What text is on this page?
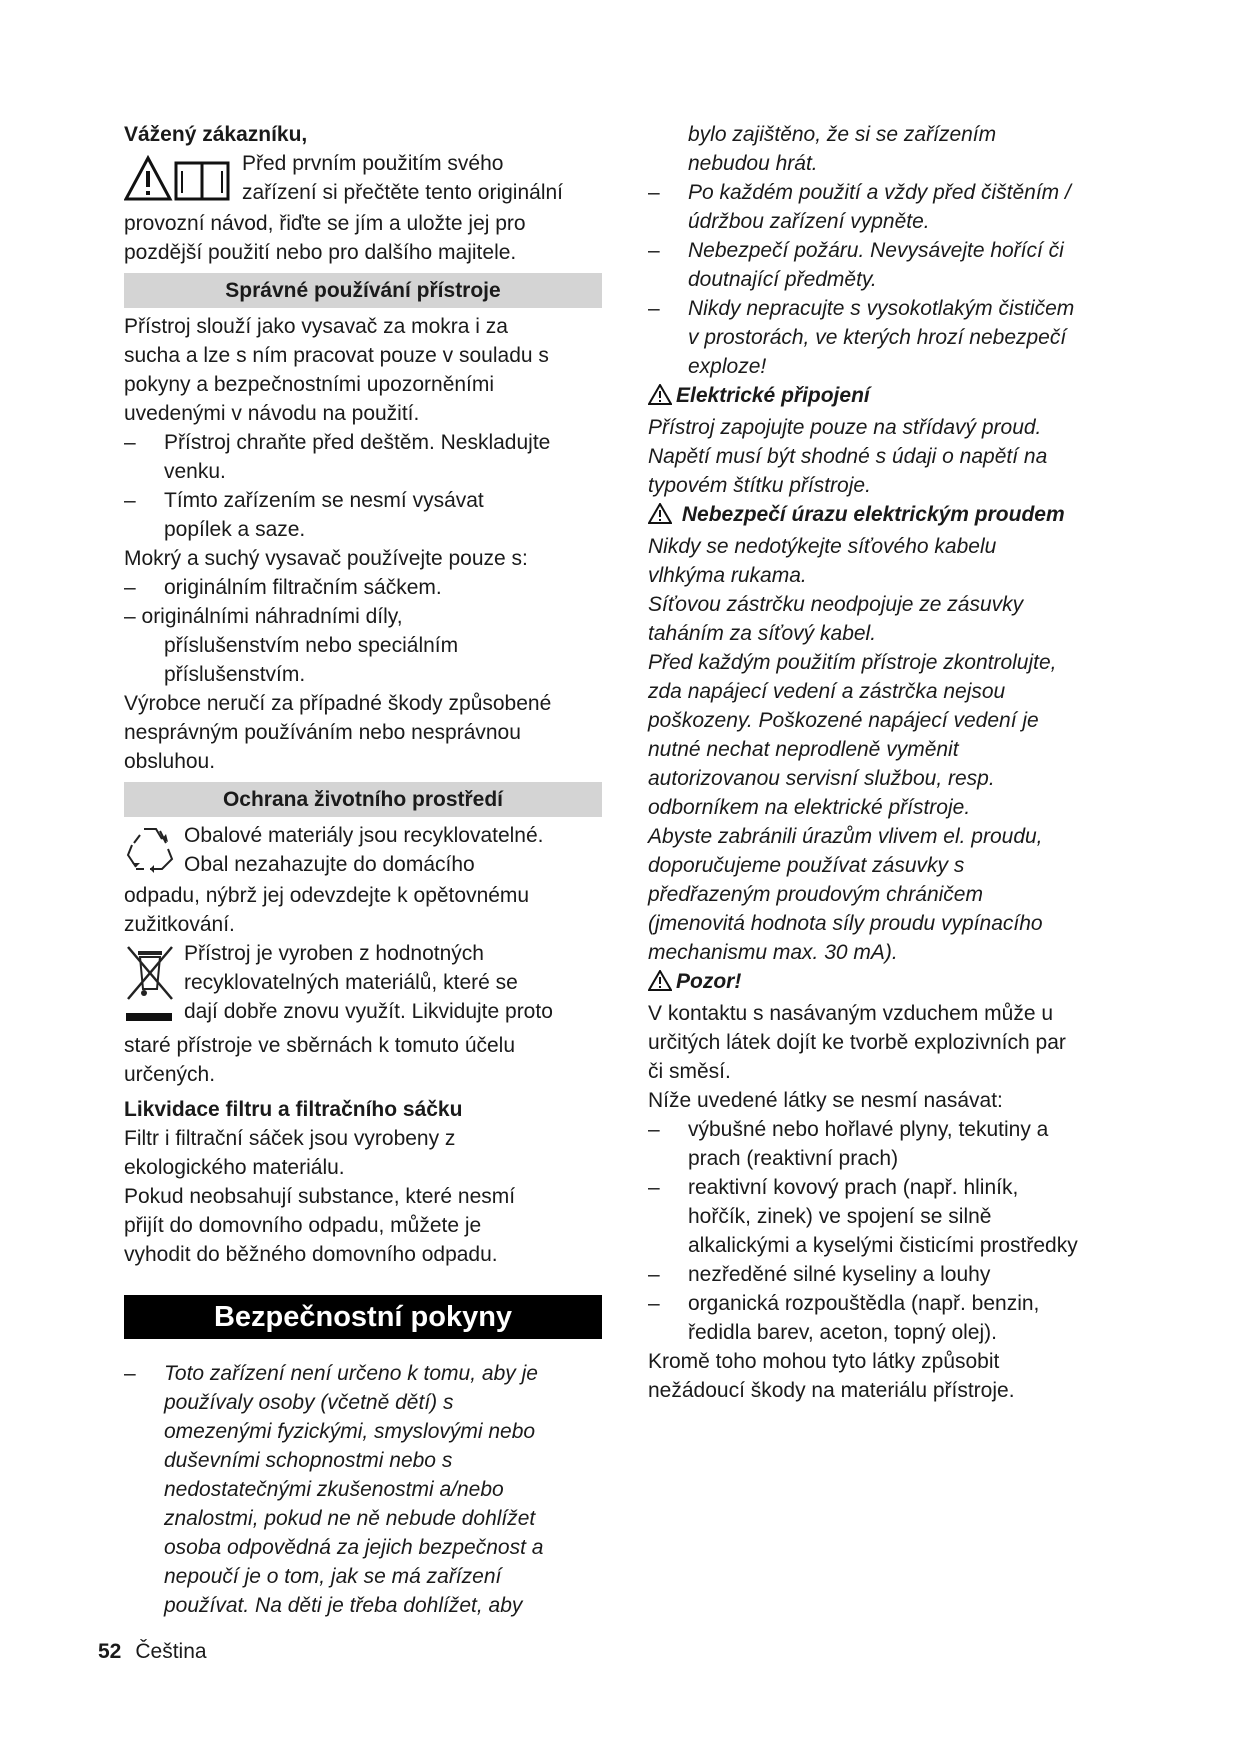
Vážený zákazníku,

Před prvním použitím svého

zařízení si přečtěte tento originální

provozní návod, řiďte se jím a uložte jej pro

pozdější použití nebo pro dalšího majitele.

Správné používání přístroje

Přístroj slouží jako vysavač za mokra i za

sucha a lze s ním pracovat pouze v souladu s

pokyny a bezpečnostními upozorněními

uvedenými v návodu na použití.

– Přístroj chraňte před deštěm. Neskladujte
venku.
– Tímto zařízením se nesmí vysávat
popílek a saze.

Mokrý a suchý vysavač používejte pouze s:

– originálním filtračním sáčkem.

– originálními náhradními díly,

příslušenstvím nebo speciálním
příslušenstvím.

Výrobce neručí za případné škody způsobené

nesprávným používáním nebo nesprávnou

obsluhou.

Ochrana životního prostředí

Obalové materiály jsou recyklovatelné.

Obal nezahazujte do domácího

odpadu, nýbrž jej odevzdejte k opětovnému

zužitkování.

Přístroj je vyroben z hodnotných

recyklovatelných materiálů, které se

dají dobře znovu využít. Likvidujte proto

staré přístroje ve sběrnách k tomuto účelu

určených.

Likvidace filtru a filtračního sáčku

Filtr i filtrační sáček jsou vyrobeny z

ekologického materiálu.

Pokud neobsahují substance, které nesmí

přijít do domovního odpadu, můžete je

vyhodit do běžného domovního odpadu.

Bezpečnostní pokyny
– Toto zařízení není určeno k tomu, aby je
používaly osoby (včetně dětí) s
omezenými fyzickými, smyslovými nebo
duševními schopnostmi nebo s
nedostatečnými zkušenostmi a/nebo
znalostmi, pokud ne ně nebude dohlížet
osoba odpovědná za jejich bezpečnost a
nepoučí je o tom, jak se má zařízení
používat. Na děti je třeba dohlížet, aby
bylo zajištěno, že si se zařízením
nebudou hrát.
– Po každém použití a vždy před čištěním /
údržbou zařízení vypněte.
– Nebezpečí požáru. Nevysávejte hořící či
doutnající předměty.
– Nikdy nepracujte s vysokotlakým čističem
v prostorách, ve kterých hrozí nebezpečí
exploze!

Elektrické připojení

Přístroj zapojujte pouze na střídavý proud.

Napětí musí být shodné s údaji o napětí na

typovém štítku přístroje.

Nebezpečí úrazu elektrickým proudem

Nikdy se nedotýkejte síťového kabelu

vlhkýma rukama.

Síťovou zástrčku neodpojuje ze zásuvky

taháním za síťový kabel.

Před každým použitím přístroje zkontrolujte,

zda napájecí vedení a zástrčka nejsou

poškozeny. Poškozené napájecí vedení je

nutné nechat neprodleně vyměnit

autorizovanou servisní službou, resp.

odborníkem na elektrické přístroje.

Abyste zabránili úrazům vlivem el. proudu,

doporučujeme používat zásuvky s

předřazeným proudovým chráničem

(jmenovitá hodnota síly proudu vypínacího

mechanismu max. 30 mA).

Pozor!

V kontaktu s nasávaným vzduchem může u

určitých látek dojít ke tvorbě explozivních par

či směsí.

Níže uvedené látky se nesmí nasávat:

– výbušné nebo hořlavé plyny, tekutiny a
prach (reaktivní prach)
– reaktivní kovový prach (např. hliník,
hořčík, zinek) ve spojení se silně
alkalickými a kyselými čisticími prostředky
– nezředěné silné kyseliny a louhy
– organická rozpouštědla (např. benzin,
ředidla barev, aceton, topný olej).

Kromě toho mohou tyto látky způsobit

nežádoucí škody na materiálu přístroje.

52 Čeština
